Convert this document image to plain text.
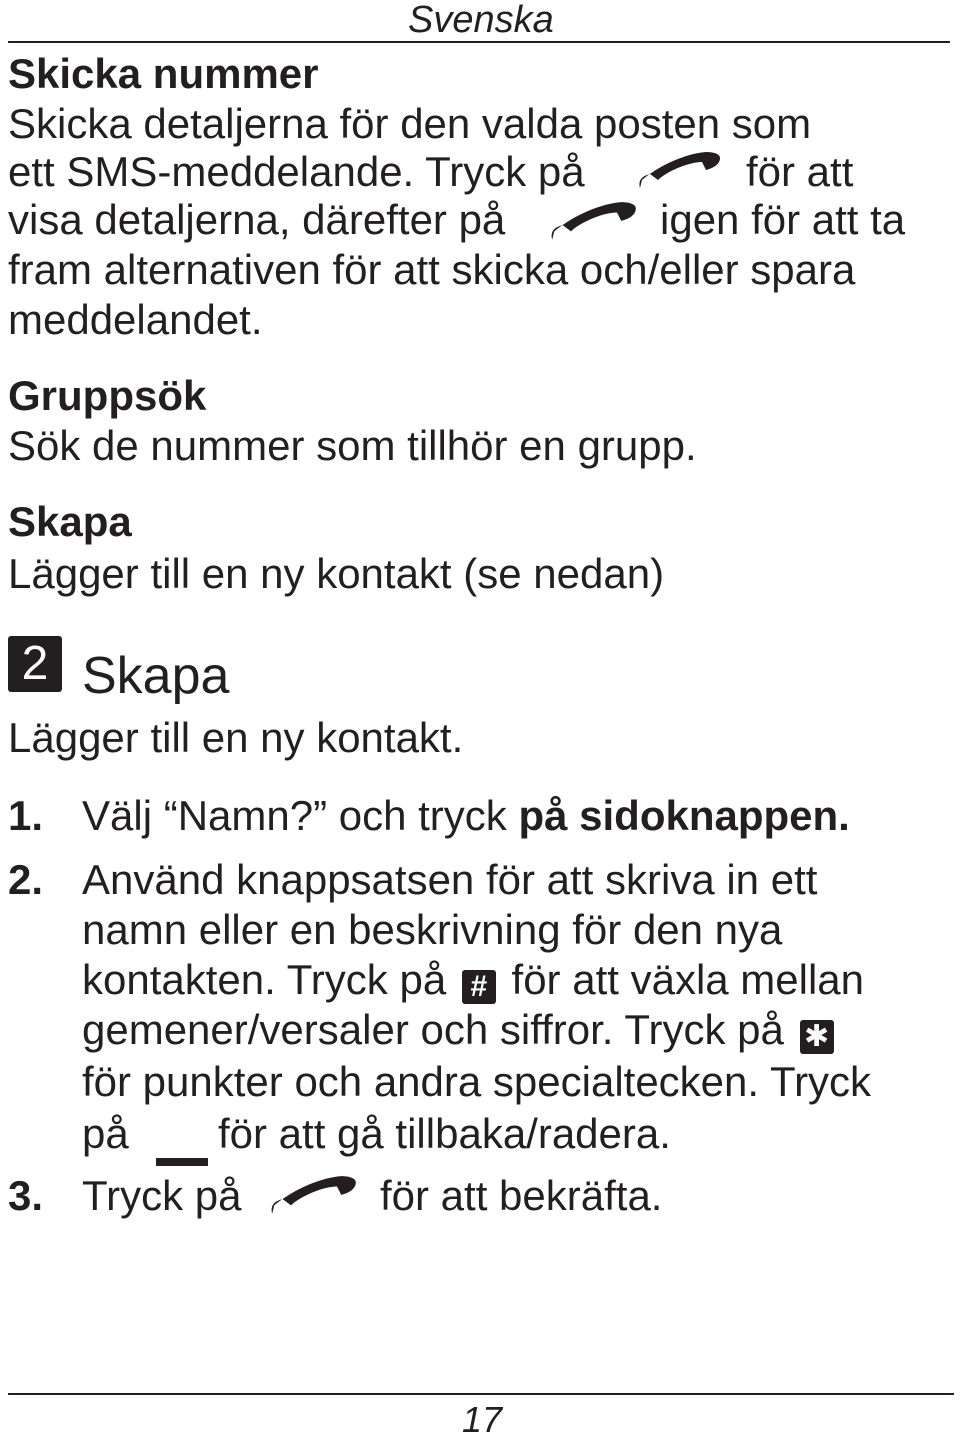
Svenska
Skicka nummer
Skicka detaljerna för den valda posten som
ett SMS-meddelande. Tryck på	för att
visa detaljerna, därefter på	igen för att ta
fram alternativen för att skicka och/eller spara
meddelandet.
Gruppsök
Sök de nummer som tillhör en grupp.
Skapa
Lägger till en ny kontakt (se nedan)
2 Skapa
Lägger till en ny kontakt.
1. Välj “Namn?” och tryck på sidoknappen.
2. Använd knappsatsen för att skriva in ett
namn eller en beskrivning för den nya
kontakten. Tryck på # för att växla mellan
gemener/versaler och siffror. Tryck på ✱
för punkter och andra specialtecken. Tryck
på för att gå tillbaka/radera.
3. Tryck på	för att bekräfta.
17
